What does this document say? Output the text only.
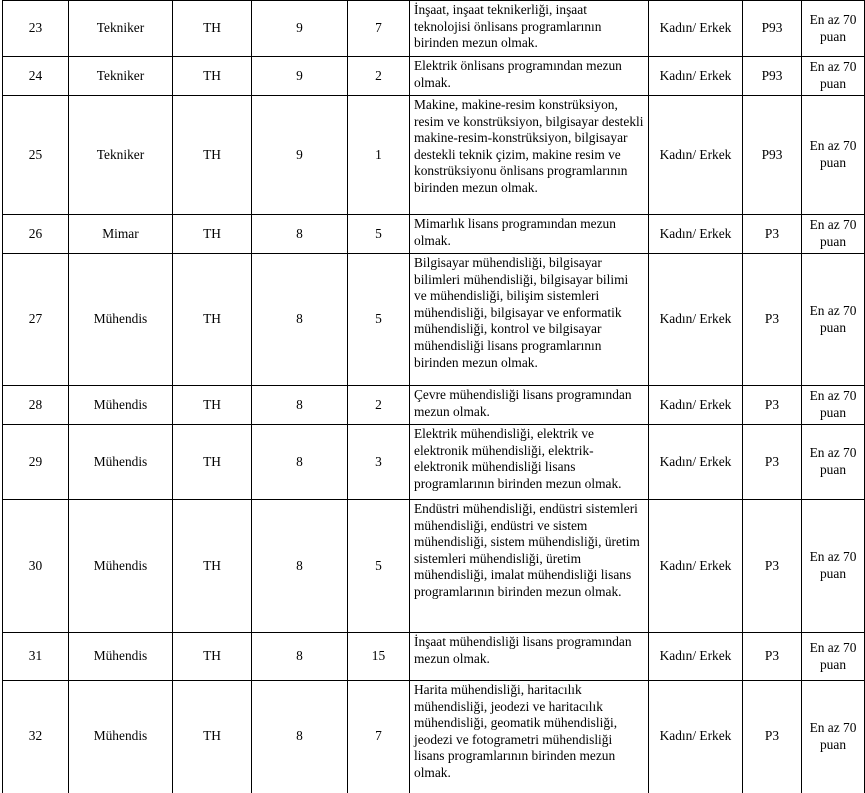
23	Tekniker	TH	9	7	İnşaat, inşaat teknikerliği, inşaat teknolojisi önlisans programlarının birinden mezun olmak.	Kadın/ Erkek	P93	En az 70 puan
24	Tekniker	TH	9	2	Elektrik önlisans programından mezun olmak.	Kadın/ Erkek	P93	En az 70 puan
25	Tekniker	TH	9	1	Makine, makine-resim konstrüksiyon, resim ve konstrüksiyon, bilgisayar destekli makine-resim-konstrüksiyon, bilgisayar destekli teknik çizim, makine resim ve konstrüksiyonu önlisans programlarının birinden mezun olmak.	Kadın/ Erkek	P93	En az 70 puan
26	Mimar	TH	8	5	Mimarlık lisans programından mezun olmak.	Kadın/ Erkek	P3	En az 70 puan
27	Mühendis	TH	8	5	Bilgisayar mühendisliği, bilgisayar bilimleri mühendisliği, bilgisayar bilimi ve mühendisliği, bilişim sistemleri mühendisliği, bilgisayar ve enformatik mühendisliği, kontrol ve bilgisayar mühendisliği lisans programlarının birinden mezun olmak.	Kadın/ Erkek	P3	En az 70 puan
28	Mühendis	TH	8	2	Çevre mühendisliği lisans programından mezun olmak.	Kadın/ Erkek	P3	En az 70 puan
29	Mühendis	TH	8	3	Elektrik mühendisliği, elektrik ve elektronik mühendisliği, elektrik-elektronik mühendisliği lisans programlarının birinden mezun olmak.	Kadın/ Erkek	P3	En az 70 puan
30	Mühendis	TH	8	5	Endüstri mühendisliği, endüstri sistemleri mühendisliği, endüstri ve sistem mühendisliği, sistem mühendisliği, üretim sistemleri mühendisliği, üretim mühendisliği, imalat mühendisliği lisans programlarının birinden mezun olmak.	Kadın/ Erkek	P3	En az 70 puan
31	Mühendis	TH	8	15	İnşaat mühendisliği lisans programından mezun olmak.	Kadın/ Erkek	P3	En az 70 puan
32	Mühendis	TH	8	7	Harita mühendisliği, haritacılık mühendisliği, jeodezi ve haritacılık mühendisliği, geomatik mühendisliği, jeodezi ve fotogrametri mühendisliği lisans programlarının birinden mezun olmak.	Kadın/ Erkek	P3	En az 70 puan
